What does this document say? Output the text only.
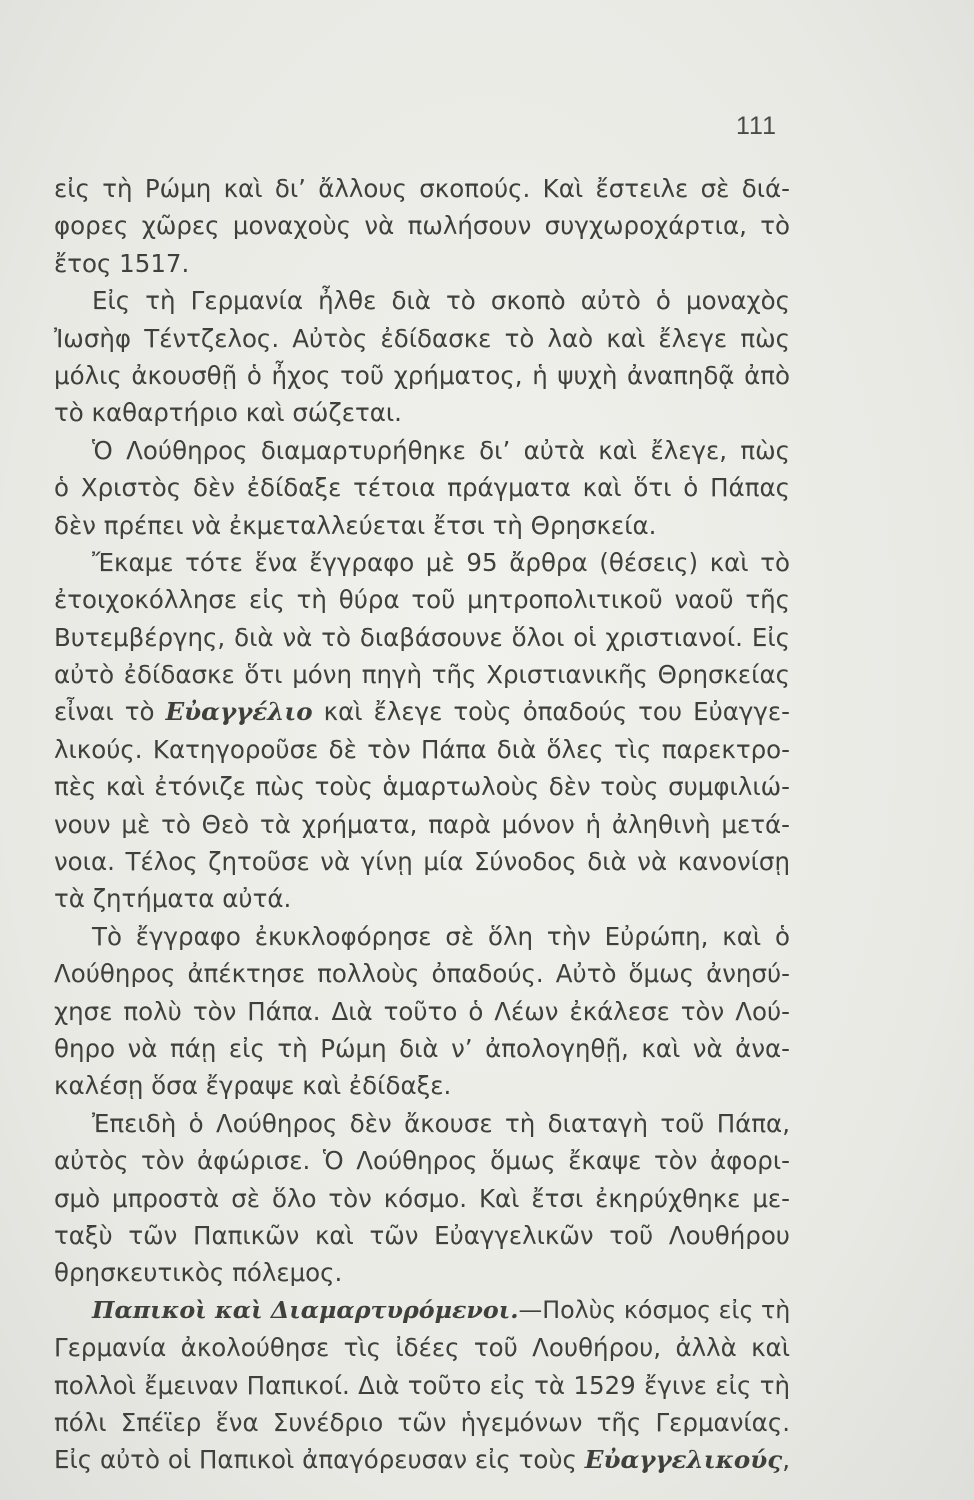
111
εἰς τὴ Ρώμη καὶ δι’ ἄλλους σκοπούς. Καὶ ἔστειλε σὲ διά-
φορες χῶρες μοναχοὺς νὰ πωλήσουν συγχωροχάρτια, τὸ
ἔτος 1517.
Εἰς τὴ Γερμανία ἦλθε διὰ τὸ σκοπὸ αὐτὸ ὁ μοναχὸς
Ἰωσὴφ Τέντζελος. Αὐτὸς ἐδίδασκε τὸ λαὸ καὶ ἔλεγε πὼς
μόλις ἀκουσθῇ ὁ ἦχος τοῦ χρήματος, ἡ ψυχὴ ἀναπηδᾷ ἀπὸ
τὸ καθαρτήριο καὶ σώζεται.
Ὁ Λούθηρος διαμαρτυρήθηκε δι’ αὐτὰ καὶ ἔλεγε, πὼς
ὁ Χριστὸς δὲν ἐδίδαξε τέτοια πράγματα καὶ ὅτι ὁ Πάπας
δὲν πρέπει νὰ ἐκμεταλλεύεται ἔτσι τὴ Θρησκεία.
Ἔκαμε τότε ἕνα ἔγγραφο μὲ 95 ἄρθρα (θέσεις) καὶ τὸ
ἐτοιχοκόλλησε εἰς τὴ θύρα τοῦ μητροπολιτικοῦ ναοῦ τῆς
Βυτεμβέργης, διὰ νὰ τὸ διαβάσουνε ὅλοι οἱ χριστιανοί. Εἰς
αὐτὸ ἐδίδασκε ὅτι μόνη πηγὴ τῆς Χριστιανικῆς Θρησκείας
εἶναι τὸ Εὐαγγέλιο καὶ ἔλεγε τοὺς ὀπαδούς του Εὐαγγε-
λικούς. Κατηγοροῦσε δὲ τὸν Πάπα διὰ ὅλες τὶς παρεκτρο-
πὲς καὶ ἐτόνιζε πὼς τοὺς ἁμαρτωλοὺς δὲν τοὺς συμφιλιώ-
νουν μὲ τὸ Θεὸ τὰ χρήματα, παρὰ μόνον ἡ ἀληθινὴ μετά-
νοια. Τέλος ζητοῦσε νὰ γίνῃ μία Σύνοδος διὰ νὰ κανονίσῃ
τὰ ζητήματα αὐτά.
Τὸ ἔγγραφο ἐκυκλοφόρησε σὲ ὅλη τὴν Εὐρώπη, καὶ ὁ
Λούθηρος ἀπέκτησε πολλοὺς ὀπαδούς. Αὐτὸ ὅμως ἀνησύ-
χησε πολὺ τὸν Πάπα. Διὰ τοῦτο ὁ Λέων ἐκάλεσε τὸν Λού-
θηρο νὰ πάῃ εἰς τὴ Ρώμη διὰ ν’ ἀπολογηθῇ, καὶ νὰ ἀνα-
καλέσῃ ὅσα ἔγραψε καὶ ἐδίδαξε.
Ἐπειδὴ ὁ Λούθηρος δὲν ἄκουσε τὴ διαταγὴ τοῦ Πάπα,
αὐτὸς τὸν ἀφώρισε. Ὁ Λούθηρος ὅμως ἔκαψε τὸν ἀφορι-
σμὸ μπροστὰ σὲ ὅλο τὸν κόσμο. Καὶ ἔτσι ἐκηρύχθηκε με-
ταξὺ τῶν Παπικῶν καὶ τῶν Εὐαγγελικῶν τοῦ Λουθήρου
θρησκευτικὸς πόλεμος.
Παπικοὶ καὶ Διαμαρτυρόμενοι.—Πολὺς κόσμος εἰς τὴ
Γερμανία ἀκολούθησε τὶς ἰδέες τοῦ Λουθήρου, ἀλλὰ καὶ
πολλοὶ ἔμειναν Παπικοί. Διὰ τοῦτο εἰς τὰ 1529 ἔγινε εἰς τὴ
πόλι Σπέϊερ ἕνα Συνέδριο τῶν ἡγεμόνων τῆς Γερμανίας.
Εἰς αὐτὸ οἱ Παπικοὶ ἀπαγόρευσαν εἰς τοὺς Εὐαγγελικούς,
